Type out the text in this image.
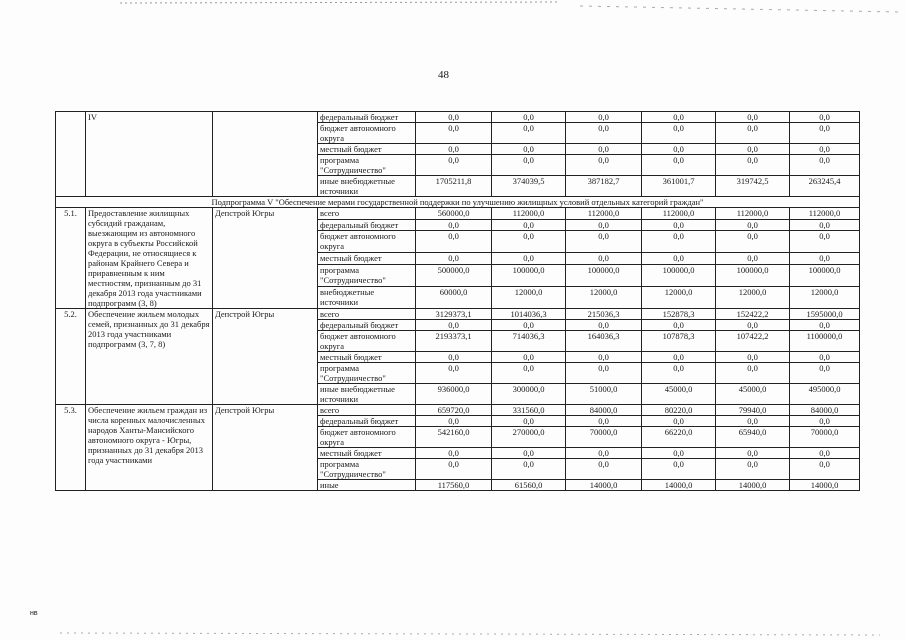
48
	IV		федеральный бюджет	0,0	0,0	0,0	0,0	0,0	0,0
			бюджет автономного округа	0,0	0,0	0,0	0,0	0,0	0,0
			местный бюджет	0,0	0,0	0,0	0,0	0,0	0,0
			программа "Сотрудничество"	0,0	0,0	0,0	0,0	0,0	0,0
			иные внебюджетные источники	1705211,8	374039,5	387182,7	361001,7	319742,5	263245,4
Подпрограмма V "Обеспечение мерами государственной поддержки по улучшению жилищных условий отдельных категорий граждан"									
5.1.	Предоставление жилищных субсидий гражданам, выезжающим из автономного округа в субъекты Российской Федерации, не относящиеся к районам Крайнего Севера и приравненным к ним местностям, признанным до 31 декабря 2013 года участниками подпрограмм (3, 8)	Депстрой Югры	всего	560000,0	112000,0	112000,0	112000,0	112000,0	112000,0
			федеральный бюджет	0,0	0,0	0,0	0,0	0,0	0,0
			бюджет автономного округа	0,0	0,0	0,0	0,0	0,0	0,0
			местный бюджет	0,0	0,0	0,0	0,0	0,0	0,0
			программа "Сотрудничество"	500000,0	100000,0	100000,0	100000,0	100000,0	100000,0
			внебюджетные источники	60000,0	12000,0	12000,0	12000,0	12000,0	12000,0
5.2.	Обеспечение жильем молодых семей, признанных до 31 декабря 2013 года участниками подпрограмм (3, 7, 8)	Депстрой Югры	всего	3129373,1	1014036,3	215036,3	152878,3	152422,2	1595000,0
			федеральный бюджет	0,0	0,0	0,0	0,0	0,0	0,0
			бюджет автономного округа	2193373,1	714036,3	164036,3	107878,3	107422,2	1100000,0
			местный бюджет	0,0	0,0	0,0	0,0	0,0	0,0
			программа "Сотрудничество"	0,0	0,0	0,0	0,0	0,0	0,0
			иные внебюджетные источники	936000,0	300000,0	51000,0	45000,0	45000,0	495000,0
5.3.	Обеспечение жильем граждан из числа коренных малочисленных народов Ханты-Мансийского автономного округа - Югры, признанных до 31 декабря 2013 года участниками	Депстрой Югры	всего	659720,0	331560,0	84000,0	80220,0	79940,0	84000,0
			федеральный бюджет	0,0	0,0	0,0	0,0	0,0	0,0
			бюджет автономного округа	542160,0	270000,0	70000,0	66220,0	65940,0	70000,0
			местный бюджет	0,0	0,0	0,0	0,0	0,0	0,0
			программа "Сотрудничество"	0,0	0,0	0,0	0,0	0,0	0,0
			иные	117560,0	61560,0	14000,0	14000,0	14000,0	14000,0
нв
